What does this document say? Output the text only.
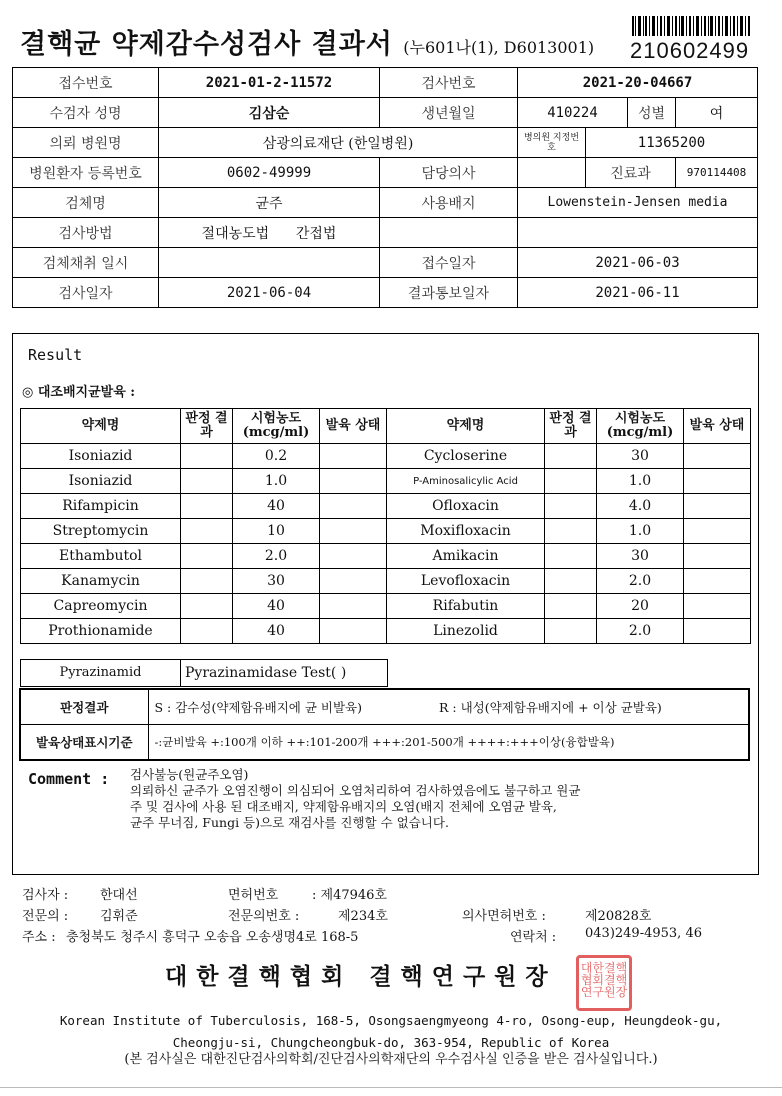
결핵균 약제감수성검사 결과서 (누601나(1), D6013001) 210602499
접수번호	2021-01-2-11572	검사번호	2021-20-04667			
수검자 성명	김삼순	생년월일	410224		성별	여
의뢰 병원명	삼광의료재단 (한일병원)		병의원 지정번호	11365200		
병원환자 등록번호	0602-49999	담당의사		진료과		970114408
검체명	균주	사용배지	Lowenstein-Jensen media			
검사방법	절대농도법 간접법					
검체채취 일시		접수일자	2021-06-03			
검사일자	2021-06-04	결과통보일자	2021-06-11			
Result
◎ 대조배지균발육 :
약제명	판정 결과	시험농도 (mcg/ml)	발육 상태	약제명	판정 결과	시험농도 (mcg/ml)	발육 상태
Isoniazid		0.2		Cycloserine		30	
Isoniazid		1.0		P-Aminosalicylic Acid		1.0	
Rifampicin		40		Ofloxacin		4.0	
Streptomycin		10		Moxifloxacin		1.0	
Ethambutol		2.0		Amikacin		30	
Kanamycin		30		Levofloxacin		2.0	
Capreomycin		40		Rifabutin		20	
Prothionamide		40		Linezolid		2.0	
Pyrazinamid	Pyrazinamidase Test( )
판정결과	S : 감수성(약제함유배지에 균 비발육)	R : 내성(약제함유배지에 + 이상 균발육)
발육상태표시기준	-:균비발육 +:100개 이하 ++:101-200개 +++:201-500개 ++++:+++이상(융합발육)	
Comment : 검사불능(원균주오염)
의뢰하신 균주가 오염진행이 의심되어 오염처리하여 검사하였음에도 불구하고 원균
주 및 검사에 사용 된 대조배지, 약제함유배지의 오염(배지 전체에 오염균 발육,
균주 무너짐, Fungi 등)으로 재검사를 진행할 수 없습니다.
검사자 : 한대선	면허번호	: 제47946호
전문의 : 김휘준	전문의번호 :	제234호	의사면허번호 :	제20828호
주소 : 충청북도 청주시 흥덕구 오송읍 오송생명4로 168-5	연락처 : 043)249-4953, 46
대한결핵협회 결핵연구원장	대한결핵협회결핵연구원장
Korean Institute of Tuberculosis, 168-5, Osongsaengmyeong 4-ro, Osong-eup, Heungdeok-gu,
Cheongju-si, Chungcheongbuk-do, 363-954, Republic of Korea
(본 검사실은 대한진단검사의학회/진단검사의학재단의 우수검사실 인증을 받은 검사실입니다.)
